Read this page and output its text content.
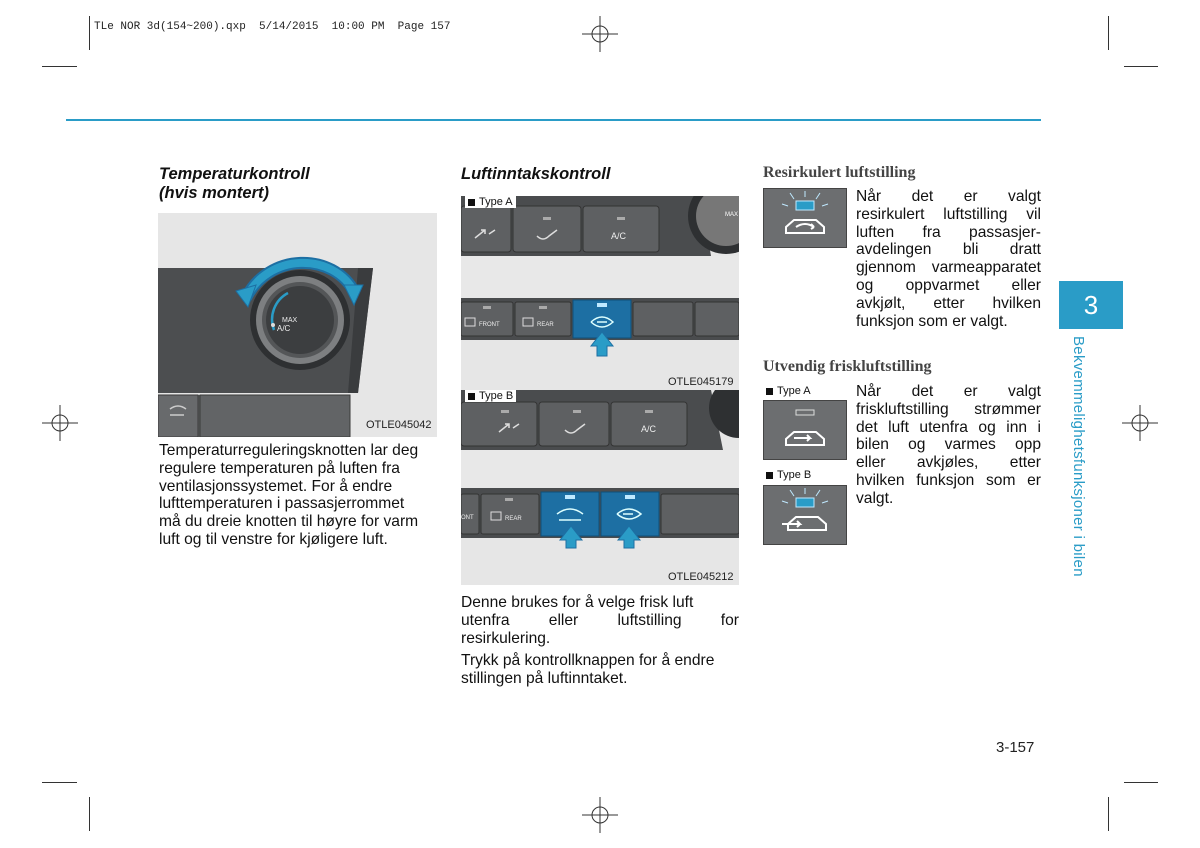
TLe NOR 3d(154~200).qxp  5/14/2015  10:00 PM  Page 157
Temperaturkontroll
(hvis montert)
MAX
A/C
OTLE045042
Temperaturreguleringsknotten lar deg
regulere temperaturen på luften fra
ventilasjonssystemet. For å endre
lufttemperaturen i passasjerrommet
må du dreie knotten til høyre for varm
luft og til venstre for kjøligere luft.
Luftinntakskontroll
A/C
MAX
FRONT	REAR
Type A
OTLE045179
A/C
ONT	REAR
Type B
OTLE045212
Denne brukes for å velge frisk luft
utenfra eller luftstilling for
resirkulering.
Trykk på kontrollknappen for å endre
stillingen på luftinntaket.
Resirkulert luftstilling
Når det er valgt
resirkulert luftstilling vil
luften fra passasjer-
avdelingen bli dratt
gjennom varmeapparatet
og oppvarmet eller
avkjølt, etter hvilken
funksjon som er valgt.
Utvendig friskluftstilling
Type A
Type B
Når det er valgt
friskluftstilling strømmer
det luft utenfra og inn i
bilen og varmes opp
eller avkjøles, etter
hvilken funksjon som er
valgt.
3
Bekvemmelighetsfunksjoner i bilen
3-157
